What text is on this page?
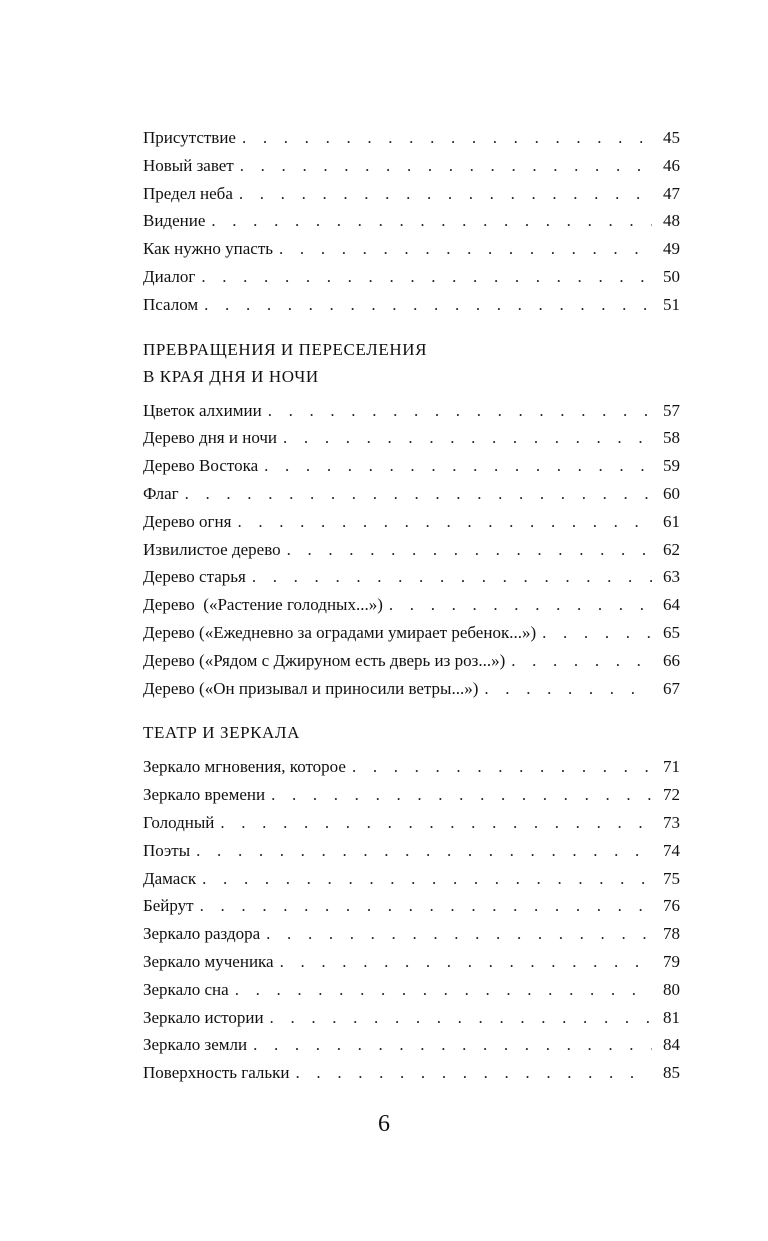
Присутствие . . .	45
Новый завет . . .	46
Предел неба . . .	47
Видение . . .	48
Как нужно упасть . . .	49
Диалог . . .	50
Псалом . . .	51
ПРЕВРАЩЕНИЯ И ПЕРЕСЕЛЕНИЯ
В КРАЯ ДНЯ И НОЧИ
Цветок алхимии . . .	57
Дерево дня и ночи . . .	58
Дерево Востока . . .	59
Флаг . . .	60
Дерево огня . . .	61
Извилистое дерево . . .	62
Дерево старья . . .	63
Дерево  («Растение голодных...») . . .	64
Дерево («Ежедневно за оградами умирает ребенок...») . . .	65
Дерево («Рядом с Джируном есть дверь из роз...») . . .	66
Дерево («Он призывал и приносили ветры...») . . .	67
ТЕАТР И ЗЕРКАЛА
Зеркало мгновения, которое . . .	71
Зеркало времени . . .	72
Голодный . . .	73
Поэты . . .	74
Дамаск . . .	75
Бейрут . . .	76
Зеркало раздора . . .	78
Зеркало мученика . . .	79
Зеркало сна . . .	80
Зеркало истории . . .	81
Зеркало земли . . .	84
Поверхность гальки . . .	85
6
